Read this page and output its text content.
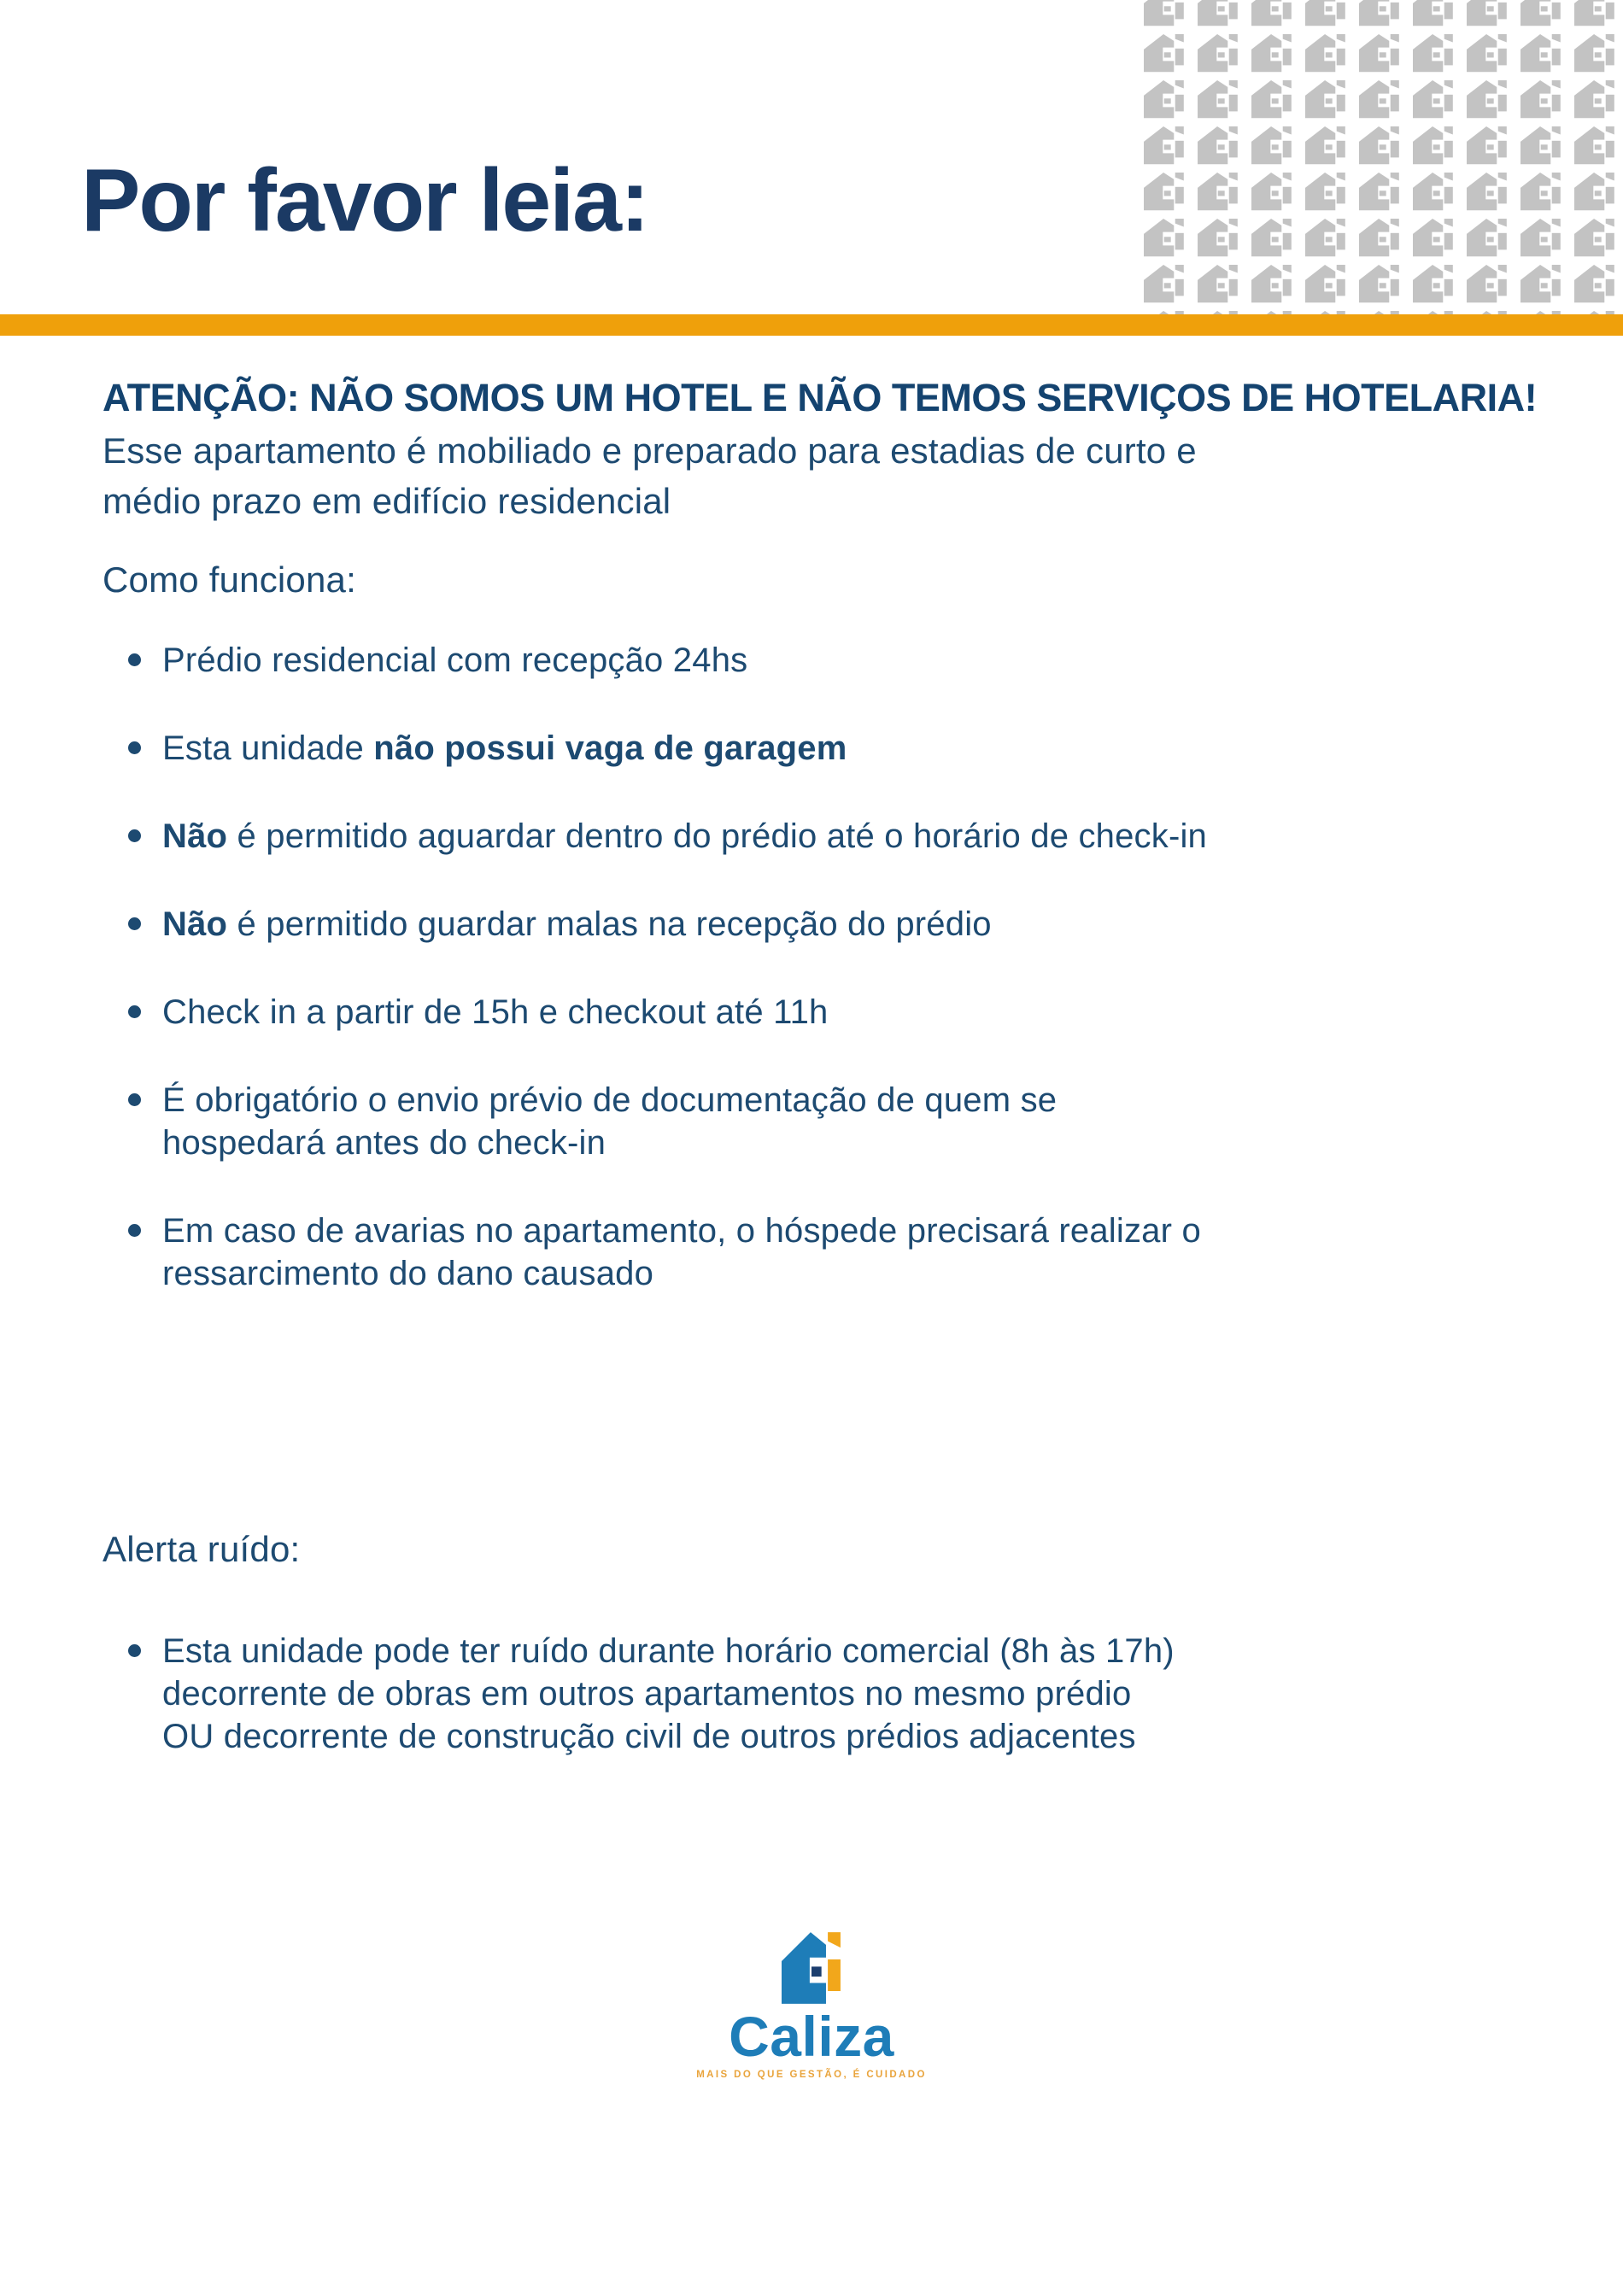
Por favor leia:
ATENÇÃO: NÃO SOMOS UM HOTEL E NÃO TEMOS SERVIÇOS DE HOTELARIA!
Esse apartamento é mobiliado e preparado para estadias de curto e
médio prazo em edifício residencial
Como funciona:
Prédio residencial com recepção 24hs
Esta unidade não possui vaga de garagem
Não é permitido aguardar dentro do prédio até o horário de check-in
Não é permitido guardar malas na recepção do prédio
Check in a partir de 15h e checkout até 11h
É obrigatório o envio prévio de documentação de quem se
hospedará antes do check-in
Em caso de avarias no apartamento, o hóspede precisará realizar o
ressarcimento do dano causado
Alerta ruído:
Esta unidade pode ter ruído durante horário comercial (8h às 17h)
decorrente de obras em outros apartamentos no mesmo prédio
OU decorrente de construção civil de outros prédios adjacentes
Caliza
MAIS DO QUE GESTÃO, É CUIDADO
